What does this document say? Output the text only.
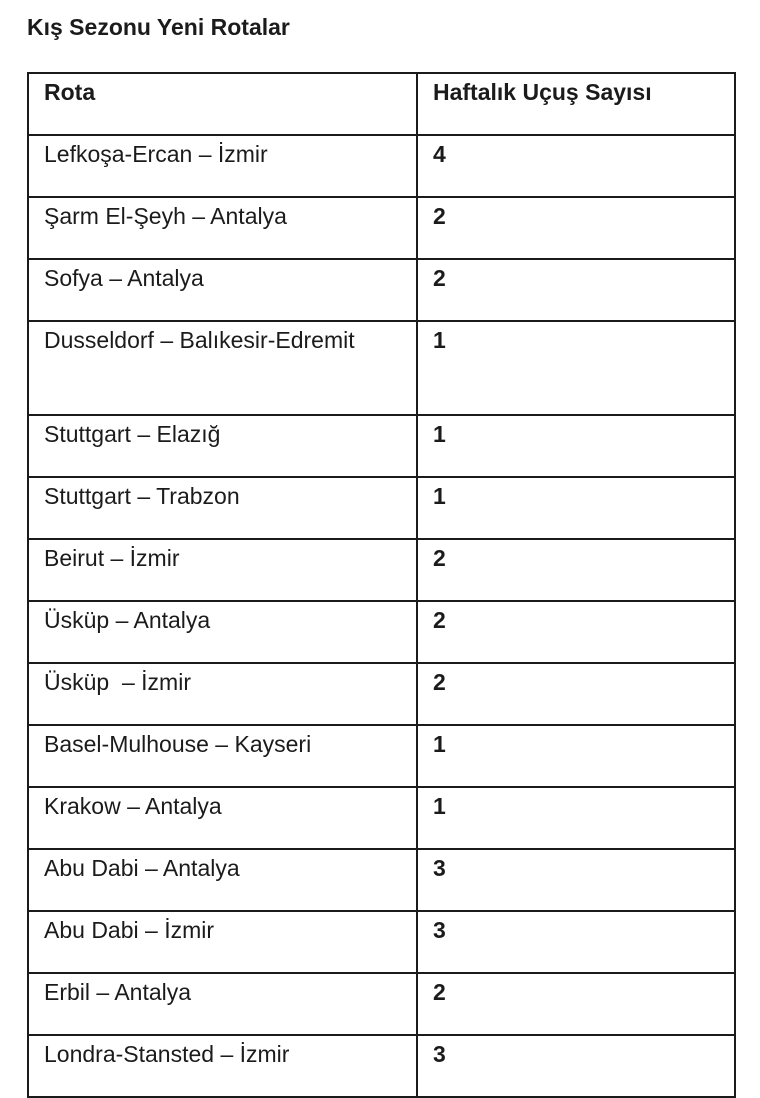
Kış Sezonu Yeni Rotalar
Rota	Haftalık Uçuş Sayısı
Lefkoşa-Ercan – İzmir	4
Şarm El-Şeyh – Antalya	2
Sofya – Antalya	2
Dusseldorf – Balıkesir-Edremit	1
Stuttgart – Elazığ	1
Stuttgart – Trabzon	1
Beirut – İzmir	2
Üsküp – Antalya	2
Üsküp  – İzmir	2
Basel-Mulhouse – Kayseri	1
Krakow – Antalya	1
Abu Dabi – Antalya	3
Abu Dabi – İzmir	3
Erbil – Antalya	2
Londra-Stansted – İzmir	3
